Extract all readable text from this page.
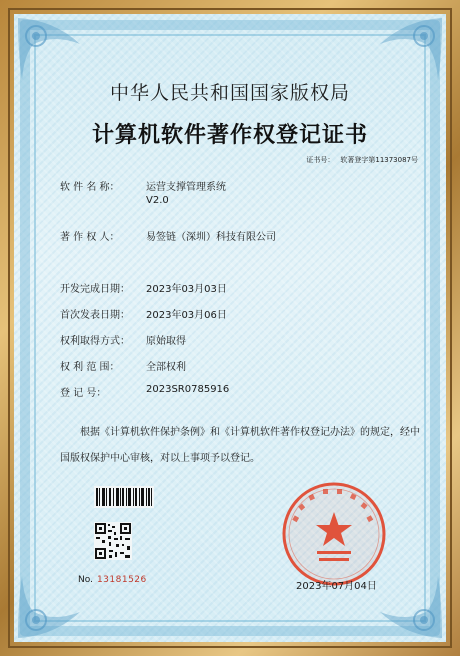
中华人民共和国国家版权局
计算机软件著作权登记证书
证书号： 软著登字第11373087号
软 件 名 称：	运营支撑管理系统
V2.0
著 作 权 人：	易签链（深圳）科技有限公司
开发完成日期： 2023年03月03日
首次发表日期： 2023年03月06日
权利取得方式： 原始取得
权 利 范 围：	全部权利
登 记 号：	2023SR0785916
根据《计算机软件保护条例》和《计算机软件著作权登记办法》的规定，经中国版权保护中心审核，对以上事项予以登记。
No. 13181526
2023年07月04日
